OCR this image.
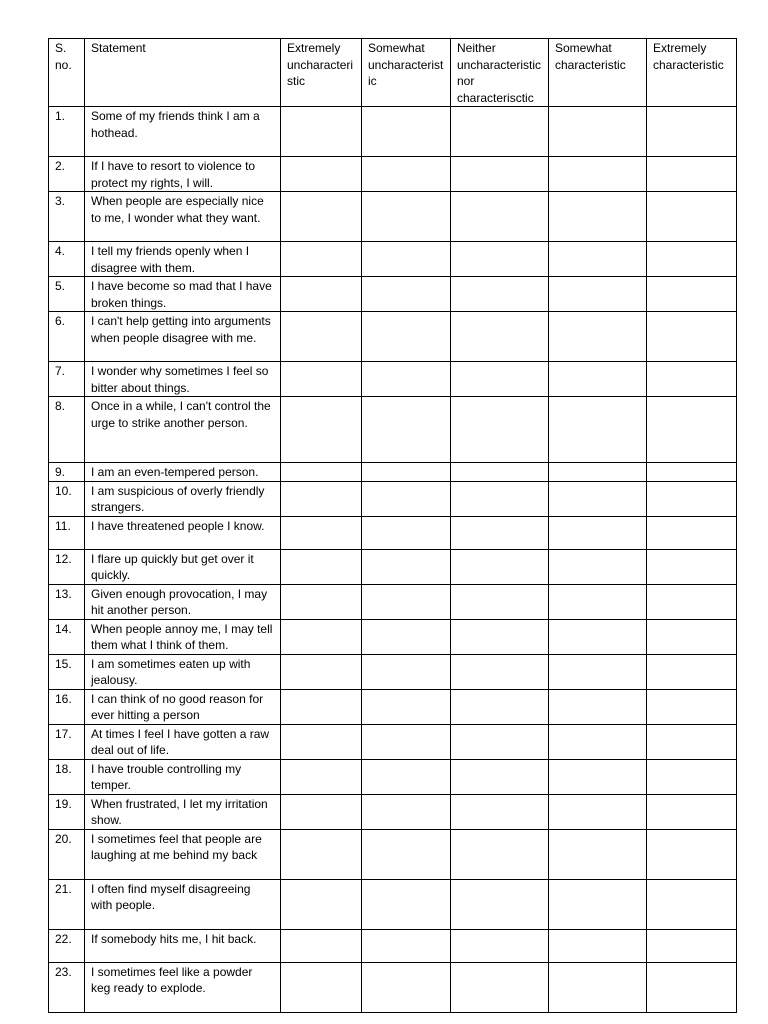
S. no.	Statement	Extremely uncharacteristic	Somewhat uncharacteristic	Neither uncharacteristic nor characterisctic	Somewhat characteristic	Extremely characteristic
1.	Some of my friends think I am a hothead.					
2.	If I have to resort to violence to protect my rights, I will.					
3.	When people are especially nice to me, I wonder what they want.					
4.	I tell my friends openly when I disagree with them.					
5.	I have become so mad that I have broken things.					
6.	I can't help getting into arguments when people disagree with me.					
7.	I wonder why sometimes I feel so bitter about things.					
8.	Once in a while, I can't control the urge to strike another person.					
9.	I am an even-tempered person.					
10.	I am suspicious of overly friendly strangers.					
11.	I have threatened people I know.					
12.	I flare up quickly but get over it quickly.					
13.	Given enough provocation, I may hit another person.					
14.	When people annoy me, I may tell them what I think of them.					
15.	I am sometimes eaten up with jealousy.					
16.	I can think of no good reason for ever hitting a person					
17.	At times I feel I have gotten a raw deal out of life.					
18.	I have trouble controlling my temper.					
19.	When frustrated, I let my irritation show.					
20.	I sometimes feel that people are laughing at me behind my back					
21.	I often find myself disagreeing with people.					
22.	If somebody hits me, I hit back.					
23.	I sometimes feel like a powder keg ready to explode.					
